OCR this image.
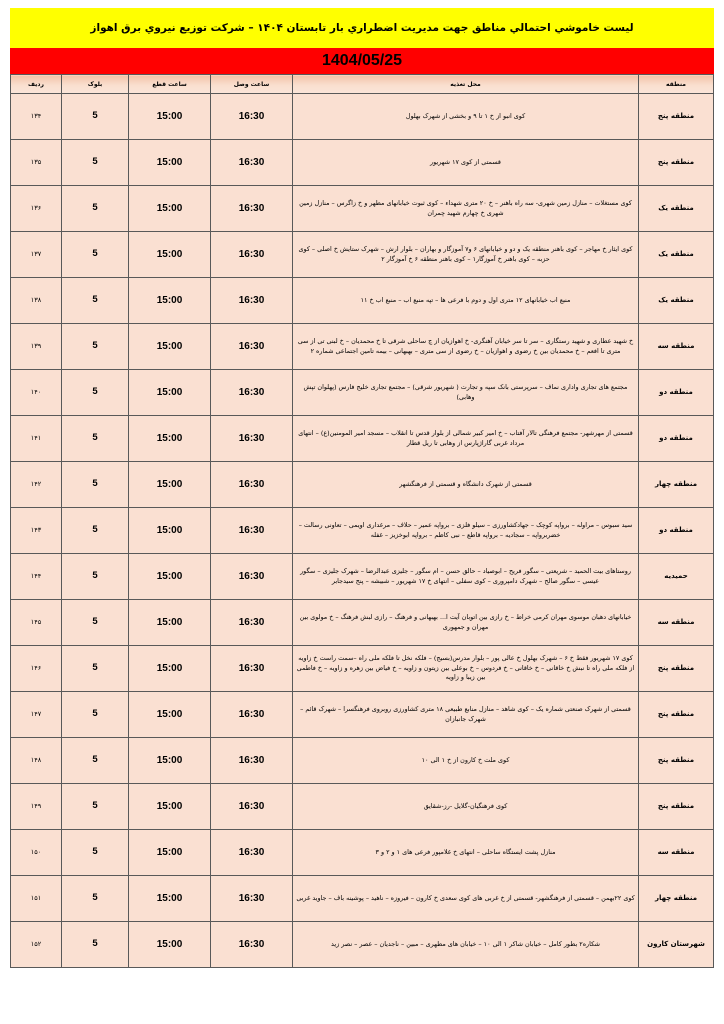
ليست خاموشي احتمالي مناطق جهت مديريت اضطراري بار تابستان ۱۴۰۴ – شرکت توزيع نيروي برق اهواز
1404/05/25
منطقه	محل تغذيه	ساعت وصل	ساعت قطع	بلوک	رديف
منطقه پنج	کوی انبو از خ ۱ تا ۹ و بخشی از شهرک بهلول	16:30	15:00	5	۱۳۴
منطقه پنج	قسمتی از کوی ۱۷ شهريور	16:30	15:00	5	۱۳۵
منطقه يک	کوی مستغلات – منازل زمين شهری- سه راه باهنر – خ ۲۰ متری شهداء – کوی ثبوت خيابانهای مطهر و خ زاگرس – منازل زمين شهری خ چهارم شهيد چمران	16:30	15:00	5	۱۳۶
منطقه يک	کوی ايثار خ مهاجر – کوی باهنر منطقه يک و دو و خيابانهای ۶ و۷ آموزگار و بهاران – بلوار ارش – شهرک ستايش خ اصلی – کوی حزبه – کوی باهنر خ آموزگار۱ – کوی باهنر منطقه ۶ خ آموزگار ۲	16:30	15:00	5	۱۳۷
منطقه يک	منبع اب خيابانهای ۱۲ متری اول و دوم با فرعی ها – تپه منبع اب – منبع اب خ ۱۱	16:30	15:00	5	۱۳۸
منطقه سه	خ شهيد عطاری و شهيد رستگاری – سر تا سر خيابان آهنگری- خ اهوازيان از چ ساحلی شرقی تا خ محمديان – خ لبنی تی از سی متری تا افعم – خ محمديان بين خ رضوی و اهوازيان – خ رضوی از سی متری – بهبهانی – بيمه تامين اجتماعی شماره ۲	16:30	15:00	5	۱۳۹
منطقه دو	مجتمع های تجاری واداری نماف – سرپرستی بانک سپه و تجارت ( شهريور شرقی) – مجتمع تجاری خليج فارس (پهلوان تپش وهابی)	16:30	15:00	5	۱۴۰
منطقه دو	قسمتی از مهرشهر- مجتمع فرهنگی تالار آفتاب – خ امير کبير شمالی از بلوار قدس تا انقلاب – مسجد امير المومنين(ع) – انتهای مرداد غربی گاراژپارس از وهابی تا ريل قطار	16:30	15:00	5	۱۴۱
منطقه چهار	قسمتی از شهرک دانشگاه و قسمتی از فرهنگشهر	16:30	15:00	5	۱۴۲
منطقه دو	سيد سبوس – مراوله – برواپه کوچک – جهادکشاورزی – سيلو فلزی – برواپه عمير – حلاف – مرغداری اويمی – تعاونی رسالت –خضربرواپه – سجاديه – برواپه قاطع – نبی کاظم – برواپه ابوخزيز – غفله	16:30	15:00	5	۱۴۳
حميديه	روستاهای بيت الحميد – شريعتی – سگور فريح – ابوصياد – حالق حسن – ام سگور – جليزی عبدالرضا – شهرک جليزی – سگور عيسی – سگور صالح – شهرک دامپروری – کوی سفلی – انتهای خ ۱۷ شهريور – شبيشه – پنج سيدجابر	16:30	15:00	5	۱۴۴
منطقه سه	خيابانهای دهبان موسوی مهران کرمی خراط – خ رازی بين اتوبان آيت ا... بهبهانی و فرهنگ – رازی لبش فرهنگ – خ مولوی بين مهران و جمهوری	16:30	15:00	5	۱۴۵
منطقه پنج	کوی ۱۷ شهريور فقط خ ۶ – شهرک بهلول خ عالی پور – بلوار مدرس(بسيج) – فلکه نخل تا فلکه ملی راه –سمت راست خ زاويه از فلکه ملی راه تا نبش خ خاقانی – خ خاقانی – خ فردوس – خ بوعلی بين زيتون و زاويه – خ فياض بين زهره و زاويه – خ فاطمی بين زيبا و زاويه	16:30	15:00	5	۱۴۶
منطقه پنج	قسمتی از شهرک صنعتی شماره يک – کوی شاهد – منازل منابع طبيعی ۱۸ متری کشاورزی روبروی فرهنگسرا – شهرک قائم – شهرک جانبازان	16:30	15:00	5	۱۴۷
منطقه پنج	کوی ملت خ کارون از خ ۱ الی ۱۰	16:30	15:00	5	۱۴۸
منطقه پنج	کوی فرهنگيان-گلايل -رز-شقايق	16:30	15:00	5	۱۴۹
منطقه سه	منازل پشت ايستگاه ساحلی – انتهای خ غلامپور فرعی های ۱ و ۲ و ۳	16:30	15:00	5	۱۵۰
منطقه چهار	کوی ۲۲بهمن – قسمتی از فرهنگشهر- قسمتی از خ غربی های کوی سعدی خ کارون – فيروزه – ناهيد – پوشينه باف – جاويد غربی	16:30	15:00	5	۱۵۱
شهرستان کارون	شکاره۲ بطور کامل – خيابان شاکر ۱ الی ۱۰ – خيابان های مطهری – مبين – ناجديان – عصر – نصر زيد	16:30	15:00	5	۱۵۲
